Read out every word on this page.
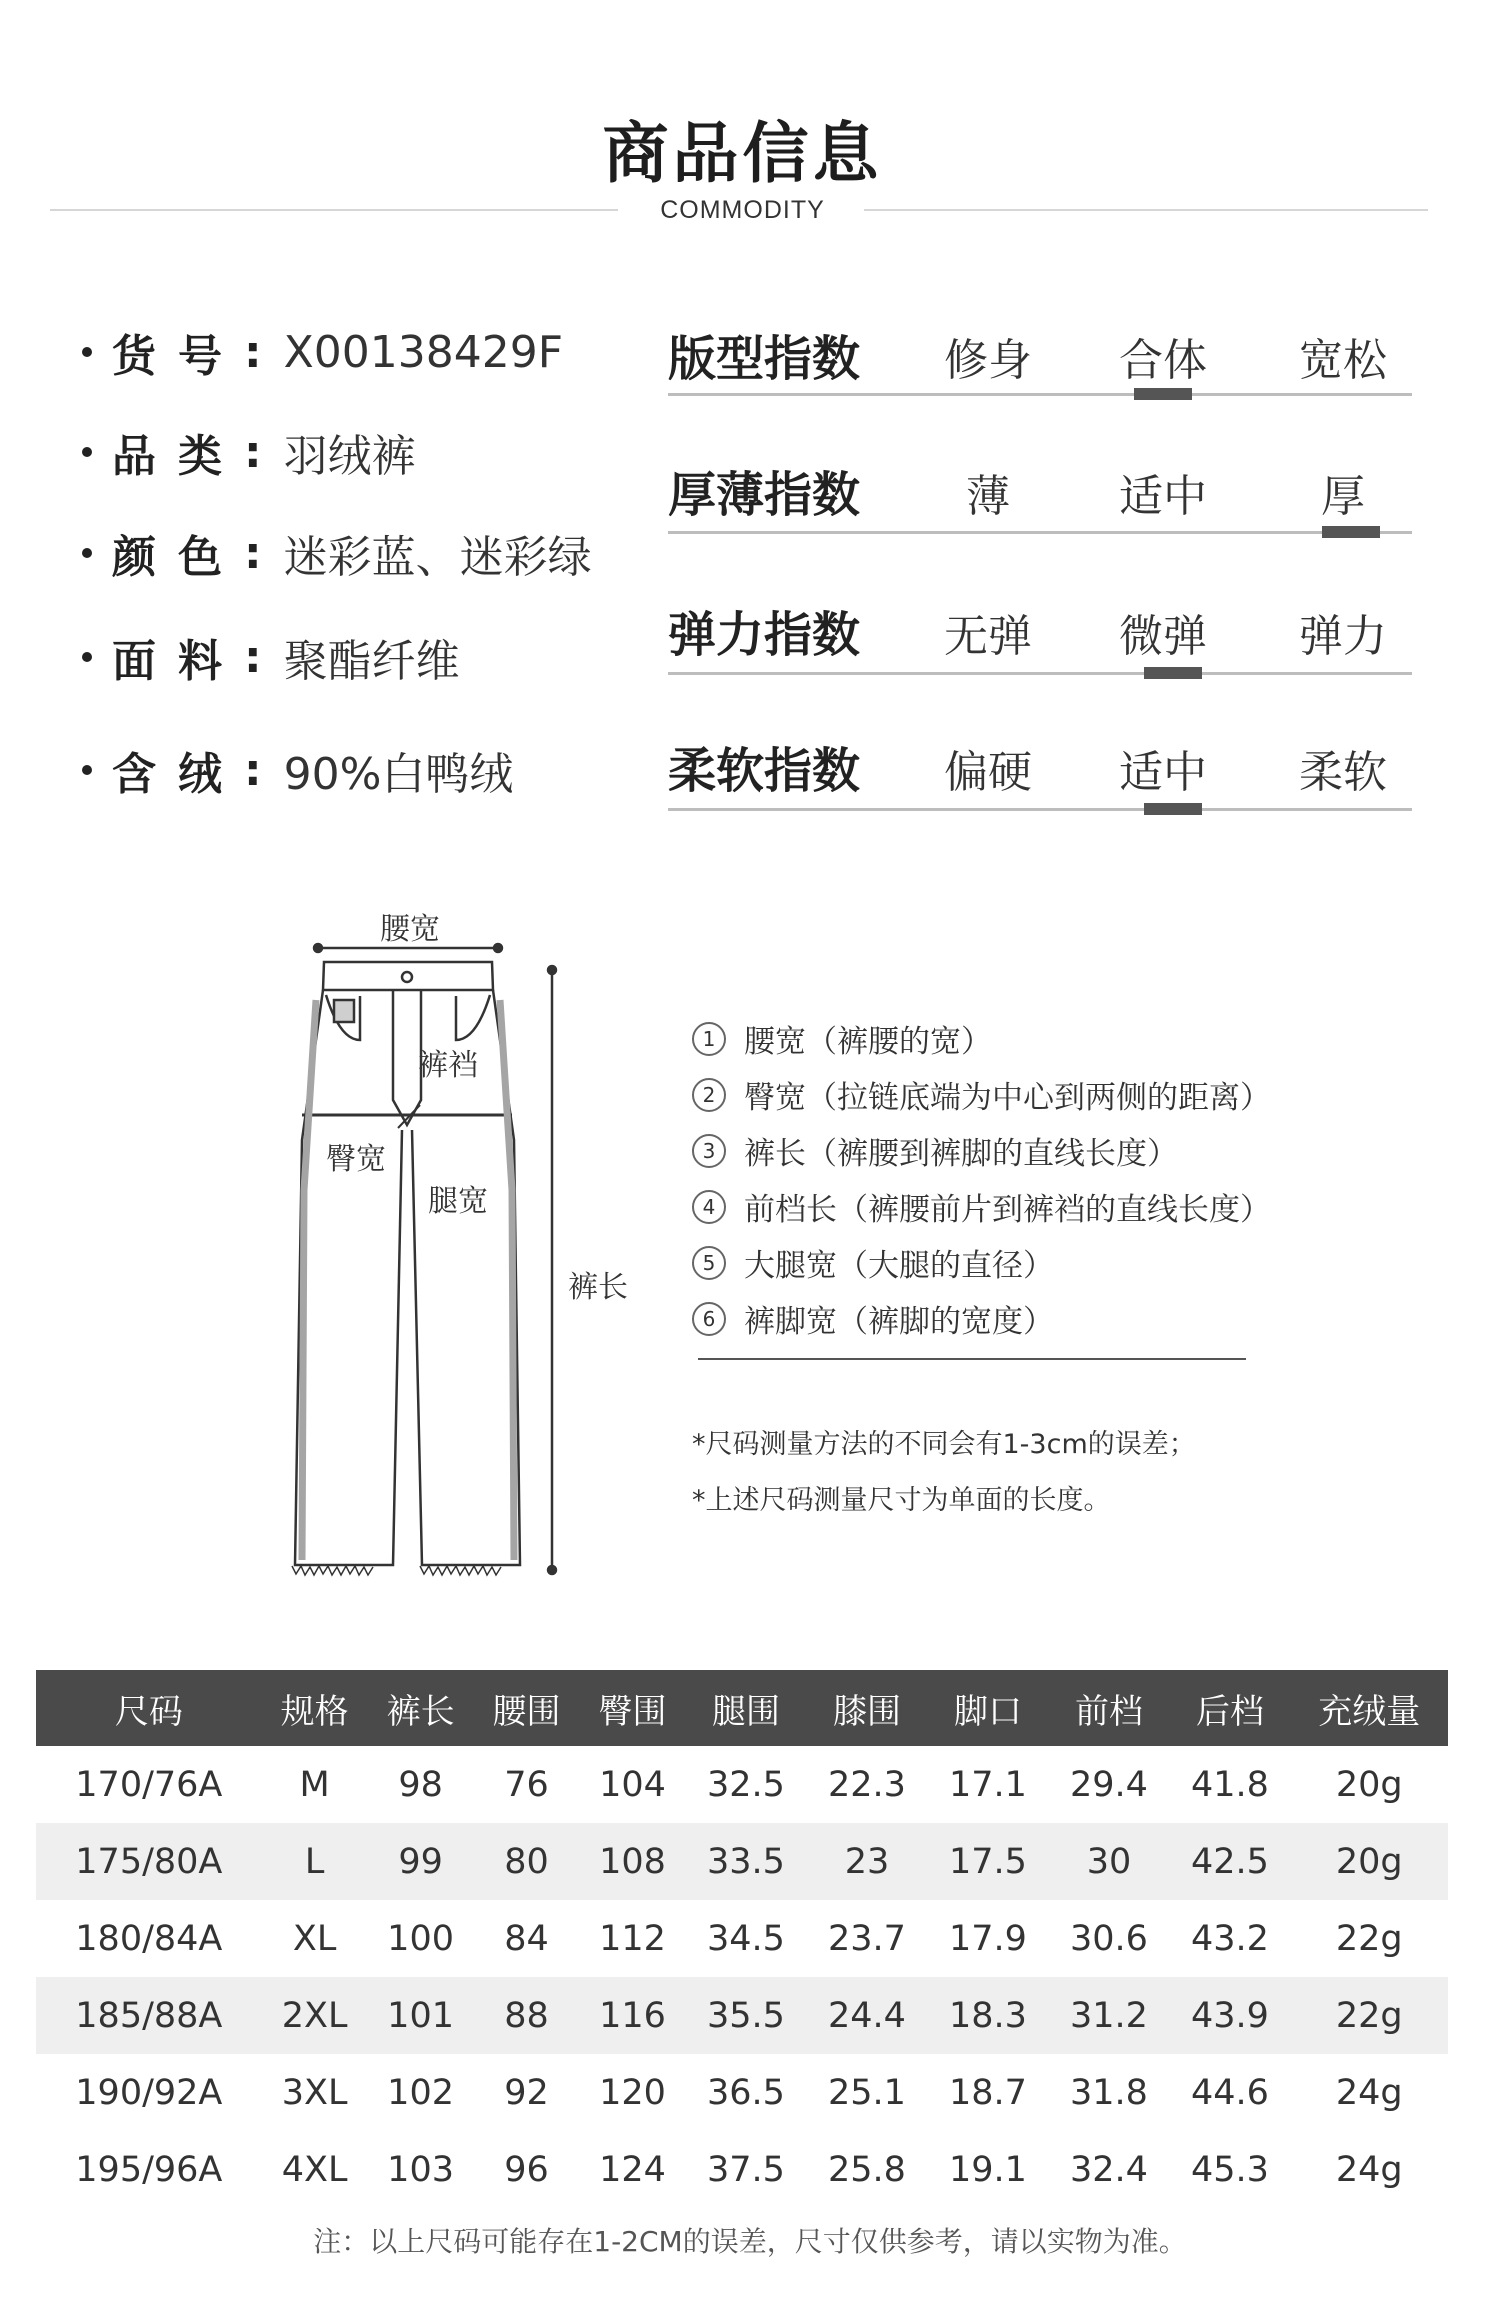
商品信息
COMMODITY
货号 : X00138429F
品类 : 羽绒裤
颜色 : 迷彩蓝、迷彩绿
面料 : 聚酯纤维
含绒 : 90%白鸭绒
版型指数	修身	合体	宽松
厚薄指数	薄	适中	厚
弹力指数	无弹	微弹	弹力
柔软指数	偏硬	适中	柔软
腰宽
裤裆
臀宽
腿宽
裤长
1 腰宽（裤腰的宽）
2 臀宽（拉链底端为中心到两侧的距离）
3 裤长（裤腰到裤脚的直线长度）
4 前档长（裤腰前片到裤裆的直线长度）
5 大腿宽（大腿的直径）
6 裤脚宽（裤脚的宽度）
*尺码测量方法的不同会有1-3cm的误差；
*上述尺码测量尺寸为单面的长度。
尺码	规格	裤长	腰围	臀围	腿围	膝围	脚口	前档	后档	充绒量
170/76A	M	98	76	104	32.5	22.3	17.1	29.4	41.8	20g
175/80A	L	99	80	108	33.5	23	17.5	30	42.5	20g
180/84A	XL	100	84	112	34.5	23.7	17.9	30.6	43.2	22g
185/88A	2XL	101	88	116	35.5	24.4	18.3	31.2	43.9	22g
190/92A	3XL	102	92	120	36.5	25.1	18.7	31.8	44.6	24g
195/96A	4XL	103	96	124	37.5	25.8	19.1	32.4	45.3	24g
注：以上尺码可能存在1-2CM的误差，尺寸仅供参考，请以实物为准。
